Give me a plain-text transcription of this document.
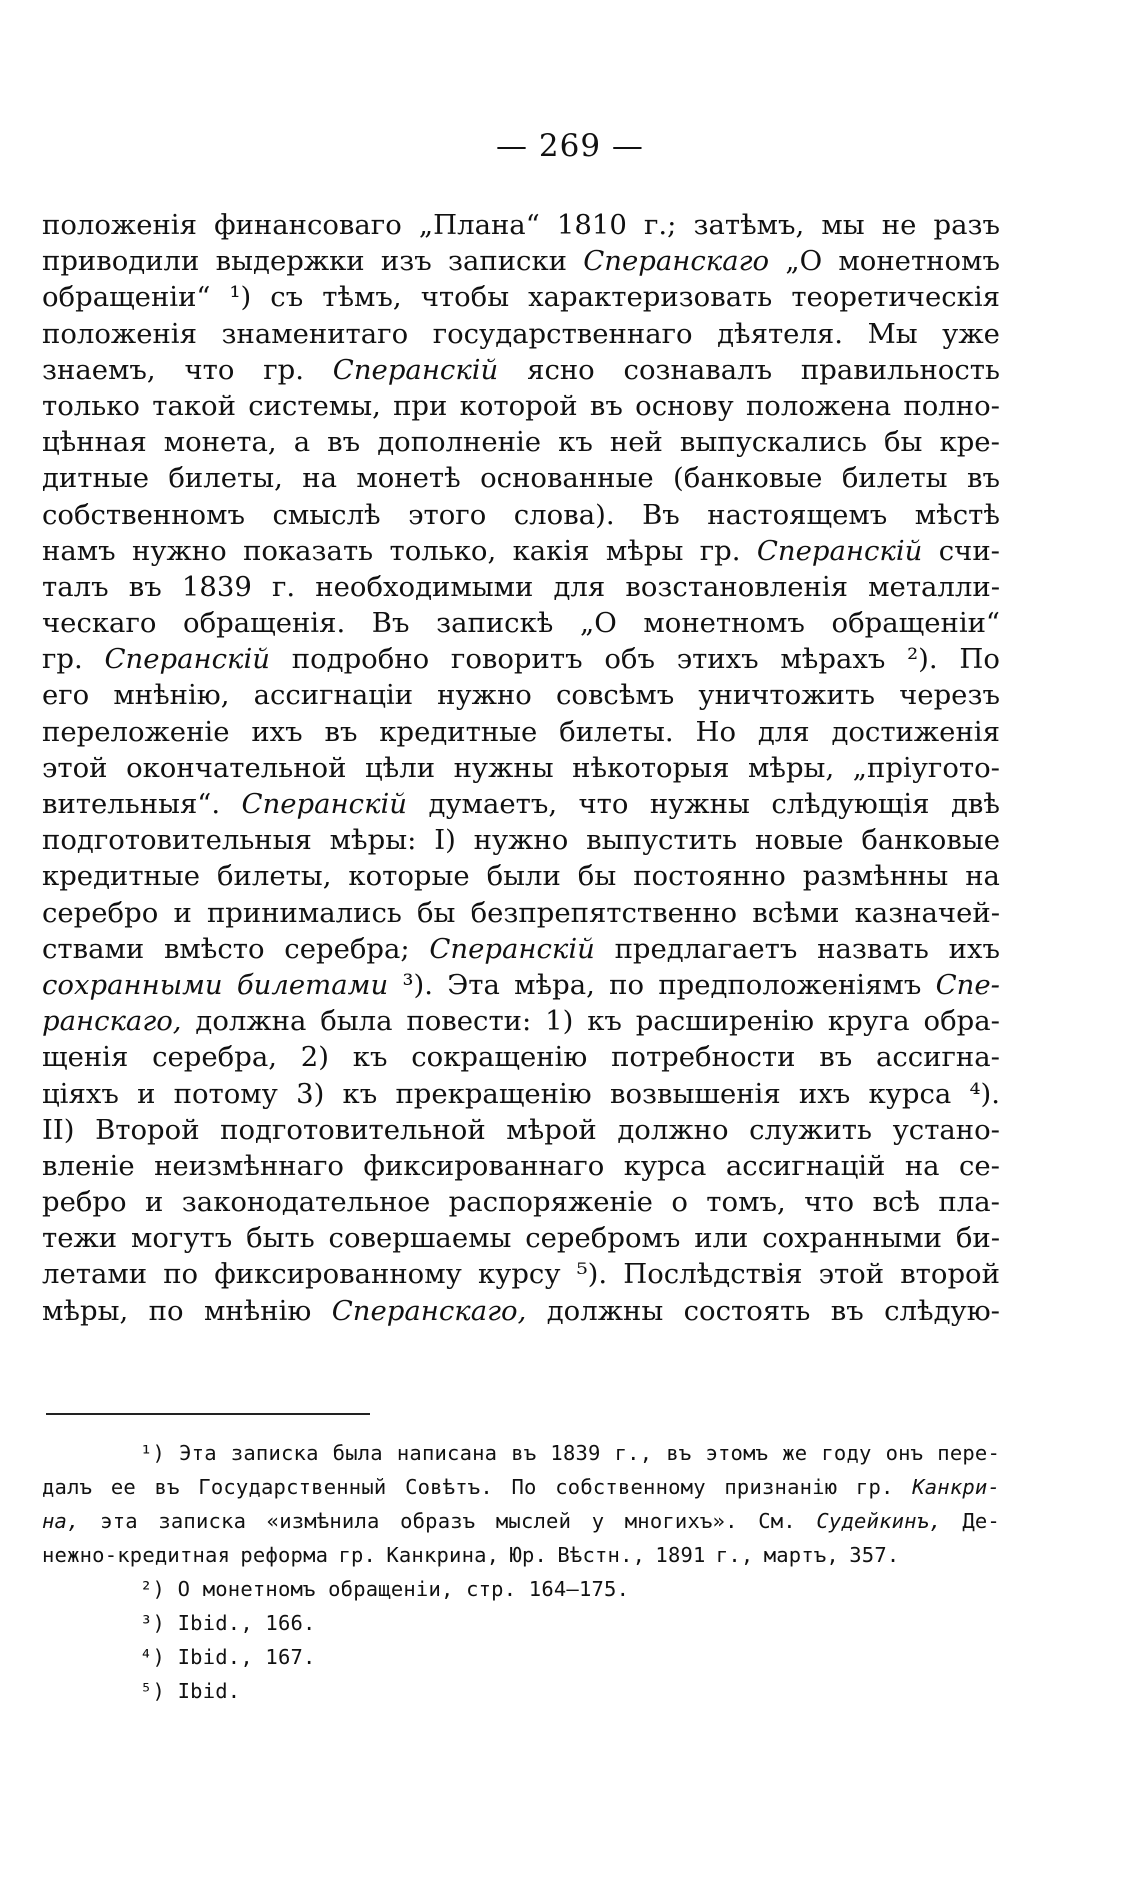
— 269 —
положенія финансоваго „Плана“ 1810 г.; затѣмъ, мы не разъ
приводили выдержки изъ записки Сперанскаго „О монетномъ
обращеніи“ ¹) съ тѣмъ, чтобы характеризовать теоретическія
положенія знаменитаго государственнаго дѣятеля. Мы уже
знаемъ, что гр. Сперанскій ясно сознавалъ правильность
только такой системы, при которой въ основу положена полно-
цѣнная монета, а въ дополненіе къ ней выпускались бы кре-
дитные билеты, на монетѣ основанные (банковые билеты въ
собственномъ смыслѣ этого слова). Въ настоящемъ мѣстѣ
намъ нужно показать только, какія мѣры гр. Сперанскій счи-
талъ въ 1839 г. необходимыми для возстановленія металли-
ческаго обращенія. Въ запискѣ „О монетномъ обращеніи“
гр. Сперанскій подробно говоритъ объ этихъ мѣрахъ ²). По
его мнѣнію, ассигнаціи нужно совсѣмъ уничтожить черезъ
переложеніе ихъ въ кредитные билеты. Но для достиженія
этой окончательной цѣли нужны нѣкоторыя мѣры, „пріуготo-
вительныя“. Сперанскій думаетъ, что нужны слѣдующія двѣ
подготовительныя мѣры: I) нужно выпустить новые банковые
кредитные билеты, которые были бы постоянно размѣнны на
серебро и принимались бы безпрепятственно всѣми казначей-
ствами вмѣсто серебра; Сперанскій предлагаетъ назвать ихъ
сохранными билетами ³). Эта мѣра, по предположеніямъ Спе-
ранскаго, должна была повести: 1) къ расширенію круга обра-
щенія серебра, 2) къ сокращенію потребности въ ассигна-
ціяхъ и потому 3) къ прекращенію возвышенія ихъ курса ⁴).
II) Второй подготовительной мѣрой должно служить устано-
вленіе неизмѣннаго фиксированнаго курса ассигнацій на се-
ребро и законодательное распоряженіе о томъ, что всѣ пла-
тежи могутъ быть совершаемы серебромъ или сохранными би-
летами по фиксированному курсу ⁵). Послѣдствія этой второй
мѣры, по мнѣнію Сперанскаго, должны состоять въ слѣдую-
¹) Эта записка была написана въ 1839 г., въ этомъ же году онъ пере-
далъ ее въ Государственный Совѣтъ. По собственному признанію гр. Канкри-
на, эта записка «измѣнила образъ мыслей у многихъ». См. Судейкинъ, Де-
нежно-кредитная реформа гр. Канкрина, Юр. Вѣстн., 1891 г., мартъ, 357.
²) О монетномъ обращеніи, стр. 164—175.
³) Ibid., 166.
⁴) Ibid., 167.
⁵) Ibid.
